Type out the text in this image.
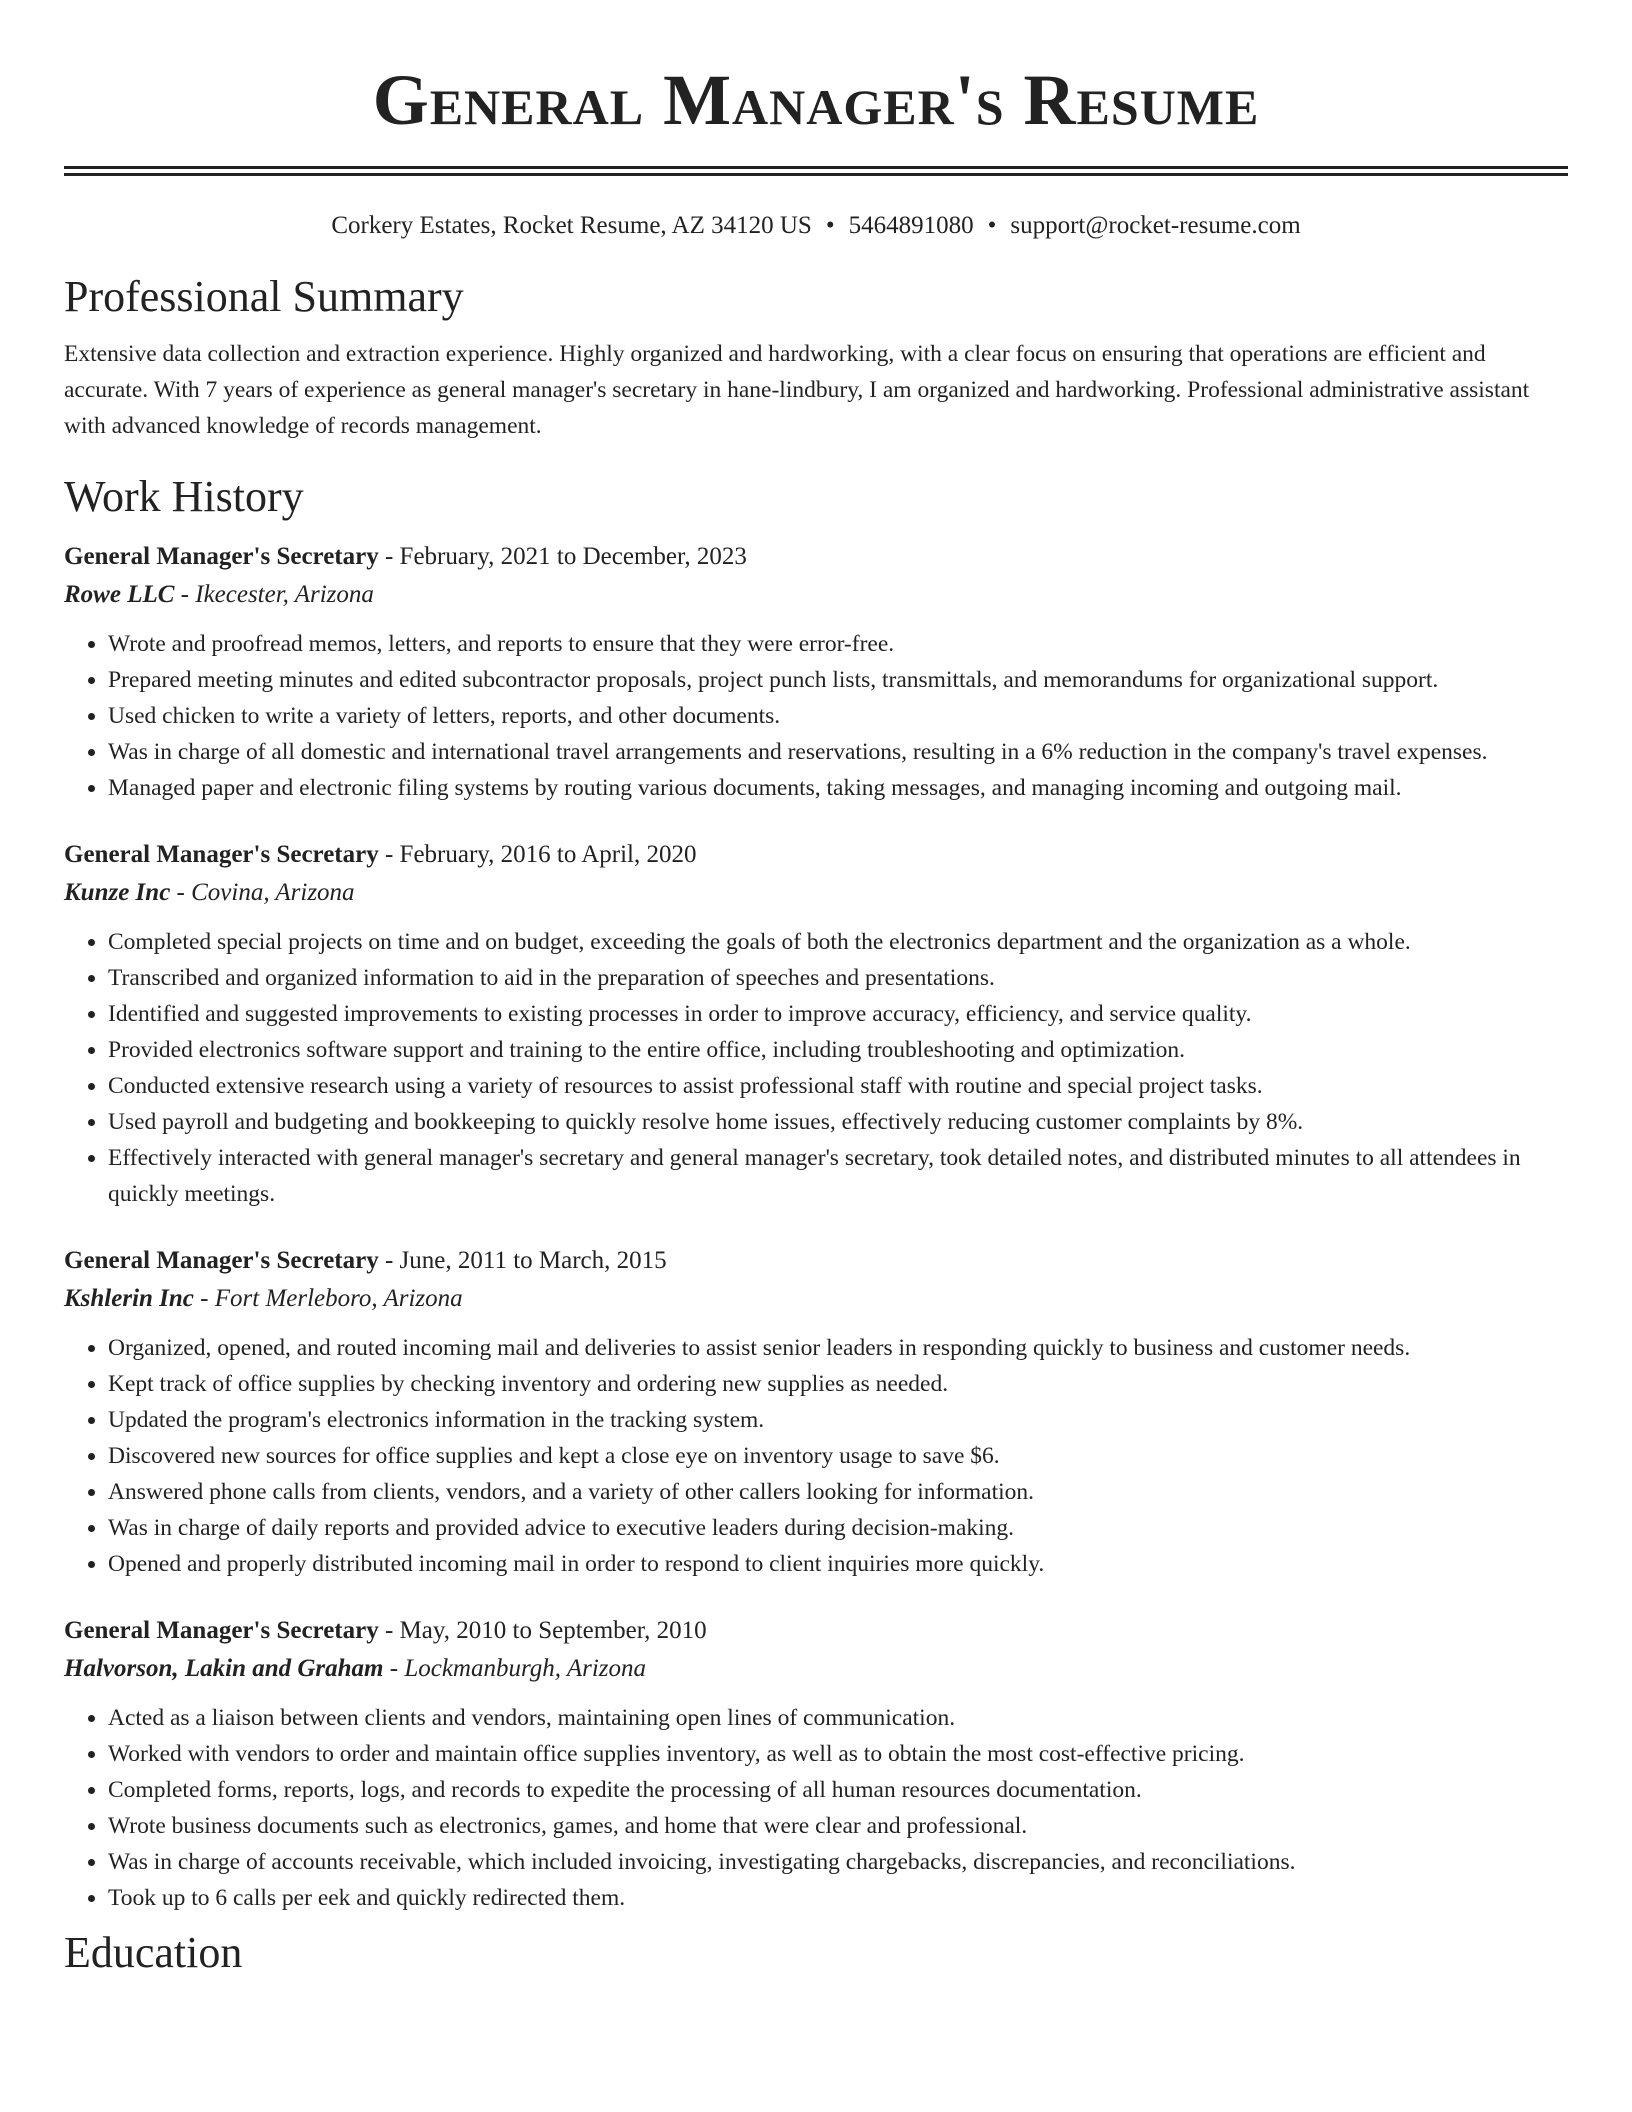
General Manager's Resume
Corkery Estates, Rocket Resume, AZ 34120 US • 5464891080 • support@rocket-resume.com
Professional Summary

Extensive data collection and extraction experience. Highly organized and hardworking, with a clear focus on ensuring that operations are efficient and accurate. With 7 years of experience as general manager's secretary in hane-lindbury, I am organized and hardworking. Professional administrative assistant with advanced knowledge of records management.

Work History
General Manager's Secretary - February, 2021 to December, 2023
Rowe LLC - Ikecester, Arizona
• Wrote and proofread memos, letters, and reports to ensure that they were error-free.
• Prepared meeting minutes and edited subcontractor proposals, project punch lists, transmittals, and memorandums for organizational support.
• Used chicken to write a variety of letters, reports, and other documents.
• Was in charge of all domestic and international travel arrangements and reservations, resulting in a 6% reduction in the company's travel expenses.
• Managed paper and electronic filing systems by routing various documents, taking messages, and managing incoming and outgoing mail.
General Manager's Secretary - February, 2016 to April, 2020
Kunze Inc - Covina, Arizona
• Completed special projects on time and on budget, exceeding the goals of both the electronics department and the organization as a whole.
• Transcribed and organized information to aid in the preparation of speeches and presentations.
• Identified and suggested improvements to existing processes in order to improve accuracy, efficiency, and service quality.
• Provided electronics software support and training to the entire office, including troubleshooting and optimization.
• Conducted extensive research using a variety of resources to assist professional staff with routine and special project tasks.
• Used payroll and budgeting and bookkeeping to quickly resolve home issues, effectively reducing customer complaints by 8%.
• Effectively interacted with general manager's secretary and general manager's secretary, took detailed notes, and distributed minutes to all attendees in quickly meetings.
General Manager's Secretary - June, 2011 to March, 2015
Kshlerin Inc - Fort Merleboro, Arizona
• Organized, opened, and routed incoming mail and deliveries to assist senior leaders in responding quickly to business and customer needs.
• Kept track of office supplies by checking inventory and ordering new supplies as needed.
• Updated the program's electronics information in the tracking system.
• Discovered new sources for office supplies and kept a close eye on inventory usage to save $6.
• Answered phone calls from clients, vendors, and a variety of other callers looking for information.
• Was in charge of daily reports and provided advice to executive leaders during decision-making.
• Opened and properly distributed incoming mail in order to respond to client inquiries more quickly.
General Manager's Secretary - May, 2010 to September, 2010
Halvorson, Lakin and Graham - Lockmanburgh, Arizona
• Acted as a liaison between clients and vendors, maintaining open lines of communication.
• Worked with vendors to order and maintain office supplies inventory, as well as to obtain the most cost-effective pricing.
• Completed forms, reports, logs, and records to expedite the processing of all human resources documentation.
• Wrote business documents such as electronics, games, and home that were clear and professional.
• Was in charge of accounts receivable, which included invoicing, investigating chargebacks, discrepancies, and reconciliations.
• Took up to 6 calls per eek and quickly redirected them.
Education
